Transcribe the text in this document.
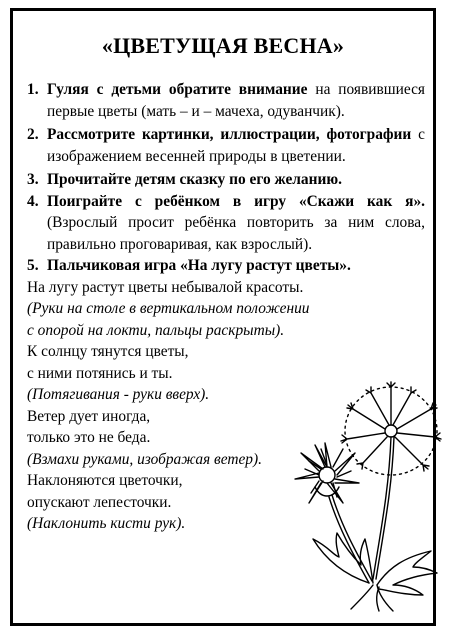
«ЦВЕТУЩАЯ ВЕСНА»
1. Гуляя с детьми обратите внимание на появившиеся первые цветы (мать – и – мачеха, одуванчик).
2. Рассмотрите картинки, иллюстрации, фотографии с изображением весенней природы в цветении.
3. Прочитайте детям сказку по его желанию.
4. Поиграйте с ребёнком в игру «Скажи как я». (Взрослый просит ребёнка повторить за ним слова, правильно проговаривая, как взрослый).
5. Пальчиковая игра «На лугу растут цветы».
На лугу растут цветы небывалой красоты.
(Руки на столе в вертикальном положении
с опорой на локти, пальцы раскрыты).
К солнцу тянутся цветы,
с ними потянись и ты.
(Потягивания - руки вверх).
Ветер дует иногда,
только это не беда.
(Взмахи руками, изображая ветер).
Наклоняются цветочки,
опускают лепесточки.
(Наклонить кисти рук).
